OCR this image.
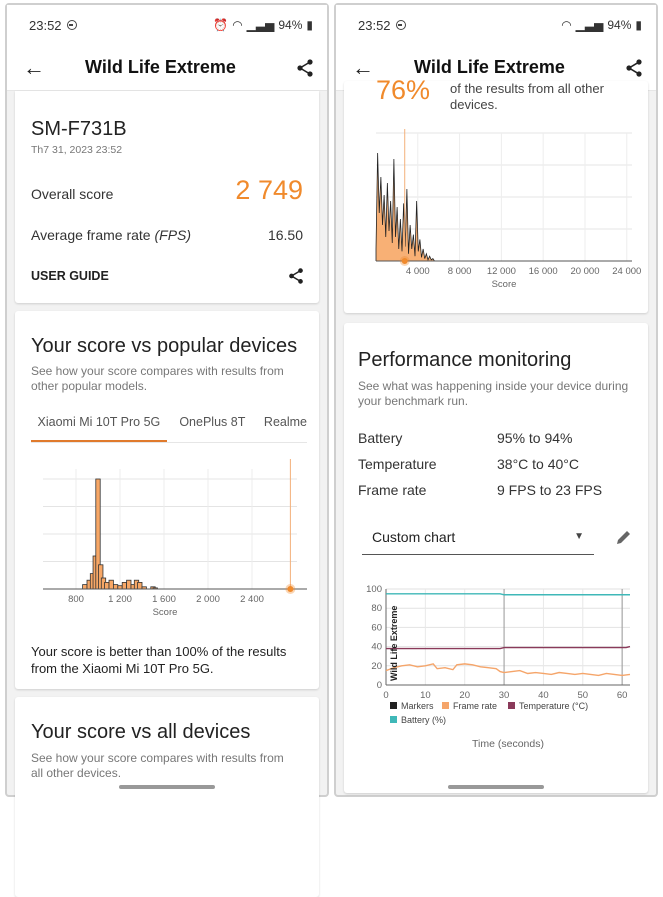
23:52	⏰ ◠ ▁▃▅ 94% ▮
←	Wild Life Extreme
SM-F731B
Th7 31, 2023 23:52
Overall score	2 749
Average frame rate (FPS)	16.50
USER GUIDE
Your score vs popular devices
See how your score compares with results from other popular models.
Xiaomi Mi 10T Pro 5G	OnePlus 8T	Realme
800	1 200 1 600 2 000 2 400
Score
Your score is better than 100% of the results from the Xiaomi Mi 10T Pro 5G.
Your score vs all devices
See how your score compares with results from all other devices.
23:52	◠ ▁▃▅ 94% ▮
←	Wild Life Extreme
76% of the results from all other devices.
4 000 8 000 12 000 16 000 20 000 24 000
Score
Performance monitoring
See what was happening inside your device during your benchmark run.
Battery	95% to 94%
Temperature	38°C to 40°C
Frame rate	9 FPS to 23 FPS
Custom chart	▼
0
20
40
60
80
100
0	10	20	30	40	50	60
Wild Life Extreme
Markers Frame rate Temperature (°C)
Battery (%)
Time (seconds)
